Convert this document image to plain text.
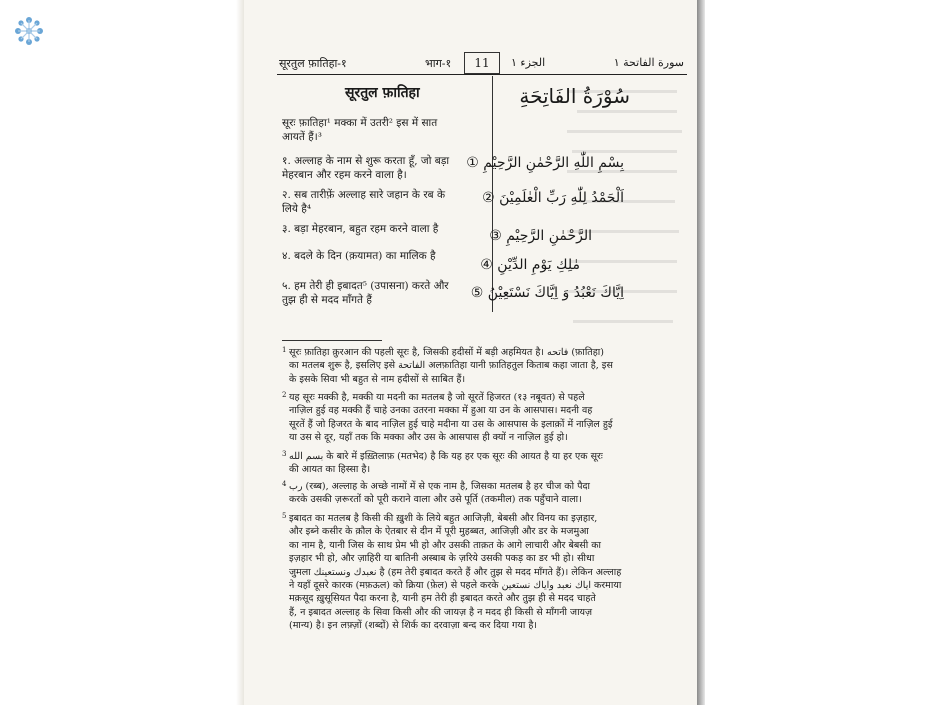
सूरतुल फ़ातिहा-१	भाग-१	11	الجزء ١	سورة الفاتحة ١
सूरतुल फ़ातिहा
सूरः फ़ातिहा¹ मक्का में उतरी² इस में सात
आयतें हैं।³
१. अल्लाह के नाम से शुरू करता हूँ, जो बड़ा
मेहरबान और रहम करने वाला है।
२. सब तारीफ़ें अल्लाह सारे जहान के रब के
लिये है⁴
३. बड़ा मेहरबान, बहुत रहम करने वाला है
४. बदले के दिन (क़यामत) का मालिक है
५. हम तेरी ही इबादत⁵ (उपासना) करते और
तुझ ही से मदद माँगते हैं
سُوْرَةُ الفَاتِحَةِ
بِسْمِ اللّٰهِ الرَّحْمٰنِ الرَّحِيْمِ ①
اَلْحَمْدُ لِلّٰهِ رَبِّ الْعٰلَمِيْنَ ②
الرَّحْمٰنِ الرَّحِيْمِ ③
مٰلِكِ يَوْمِ الدِّيْنِ ④
اِيَّاكَ نَعْبُدُ وَ اِيَّاكَ نَسْتَعِيْنُ ⑤
1 सूरः फ़ातिहा क़ुरआन की पहली सूरः है, जिसकी हदीसों में बड़ी अहमियत है। فاتحه (फ़ातिहा)
का मतलब शुरू है, इसलिए इसे الفاتحة अलफ़ातिहा यानी फ़ातिहतुल किताब कहा जाता है, इस
के इसके सिवा भी बहुत से नाम हदीसों से साबित हैं।
2 यह सूरः मक्की है, मक्की या मदनी का मतलब है जो सूरतें हिजरत (१३ नबूवत) से पहले
नाज़िल हुई वह मक्की हैं चाहे उनका उतरना मक्का में हुआ या उन के आसपास। मदनी वह
सूरतें हैं जो हिजरत के बाद नाज़िल हुई चाहे मदीना या उस के आसपास के इलाक़ों में नाज़िल हुई
या उस से दूर, यहाँ तक कि मक्का और उस के आसपास ही क्यों न नाज़िल हुई हो।
3 بسم الله के बारे में इख़्तिलाफ़ (मतभेद) है कि यह हर एक सूरः की आयत है या हर एक सूरः
की आयत का हिस्सा है।
4 رب (रब्ब), अल्लाह के अच्छे नामों में से एक नाम है, जिसका मतलब है हर चीज को पैदा
करके उसकी ज़रूरतों को पूरी कराने वाला और उसे पूर्ति (तकमील) तक पहुँचाने वाला।
5 इबादत का मतलब है किसी की ख़ुशी के लिये बहुत आजिज़ी, बेबसी और विनय का इज़हार,
और इब्ने कसीर के क़ौल के ऐतबार से दीन में पूरी मुहब्बत, आजिज़ी और डर के मजमुआ
का नाम है, यानी जिस के साथ प्रेम भी हो और उसकी ताक़त के आगे लाचारी और बेबसी का
इज़हार भी हो, और ज़ाहिरी या बातिनी अस्बाब के ज़रिये उसकी पकड़ का डर भी हो। सीधा
जुमला نعبدك ونستعينك है (हम तेरी इबादत करते हैं और तुझ से मदद माँगते हैं)। लेकिन अल्लाह
ने यहाँ दूसरे कारक (मफ़ऊल) को क्रिया (फ़ेल) से पहले करके اياك نعبد واياك نستعين करमाया
मक़सूद ख़ुसूसियत पैदा करना है, यानी हम तेरी ही इबादत करते और तुझ ही से मदद चाहते
हैं, न इबादत अल्लाह के सिवा किसी और की जायज़ है न मदद ही किसी से माँगनी जायज़
(मान्य) है। इन लफ़्ज़ों (शब्दों) से शिर्क का दरवाज़ा बन्द कर दिया गया है।
